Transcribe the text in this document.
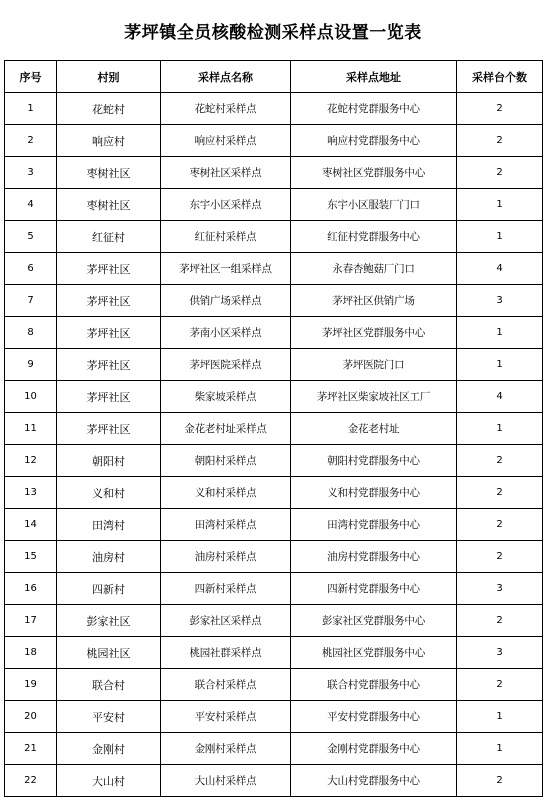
茅坪镇全员核酸检测采样点设置一览表
序号	村别	采样点名称	采样点地址	采样台个数
1	花蛇村	花蛇村采样点	花蛇村党群服务中心	2
2	响应村	响应村采样点	响应村党群服务中心	2
3	枣树社区	枣树社区采样点	枣树社区党群服务中心	2
4	枣树社区	东宇小区采样点	东宇小区服装厂门口	1
5	红征村	红征村采样点	红征村党群服务中心	1
6	茅坪社区	茅坪社区一组采样点	永春杏鲍菇厂门口	4
7	茅坪社区	供销广场采样点	茅坪社区供销广场	3
8	茅坪社区	茅南小区采样点	茅坪社区党群服务中心	1
9	茅坪社区	茅坪医院采样点	茅坪医院门口	1
10	茅坪社区	柴家坡采样点	茅坪社区柴家坡社区工厂	4
11	茅坪社区	金花老村址采样点	金花老村址	1
12	朝阳村	朝阳村采样点	朝阳村党群服务中心	2
13	义和村	义和村采样点	义和村党群服务中心	2
14	田湾村	田湾村采样点	田湾村党群服务中心	2
15	油房村	油房村采样点	油房村党群服务中心	2
16	四新村	四新村采样点	四新村党群服务中心	3
17	彭家社区	彭家社区采样点	彭家社区党群服务中心	2
18	桃园社区	桃园社群采样点	桃园社区党群服务中心	3
19	联合村	联合村采样点	联合村党群服务中心	2
20	平安村	平安村采样点	平安村党群服务中心	1
21	金刚村	金刚村采样点	金刚村党群服务中心	1
22	大山村	大山村采样点	大山村党群服务中心	2
